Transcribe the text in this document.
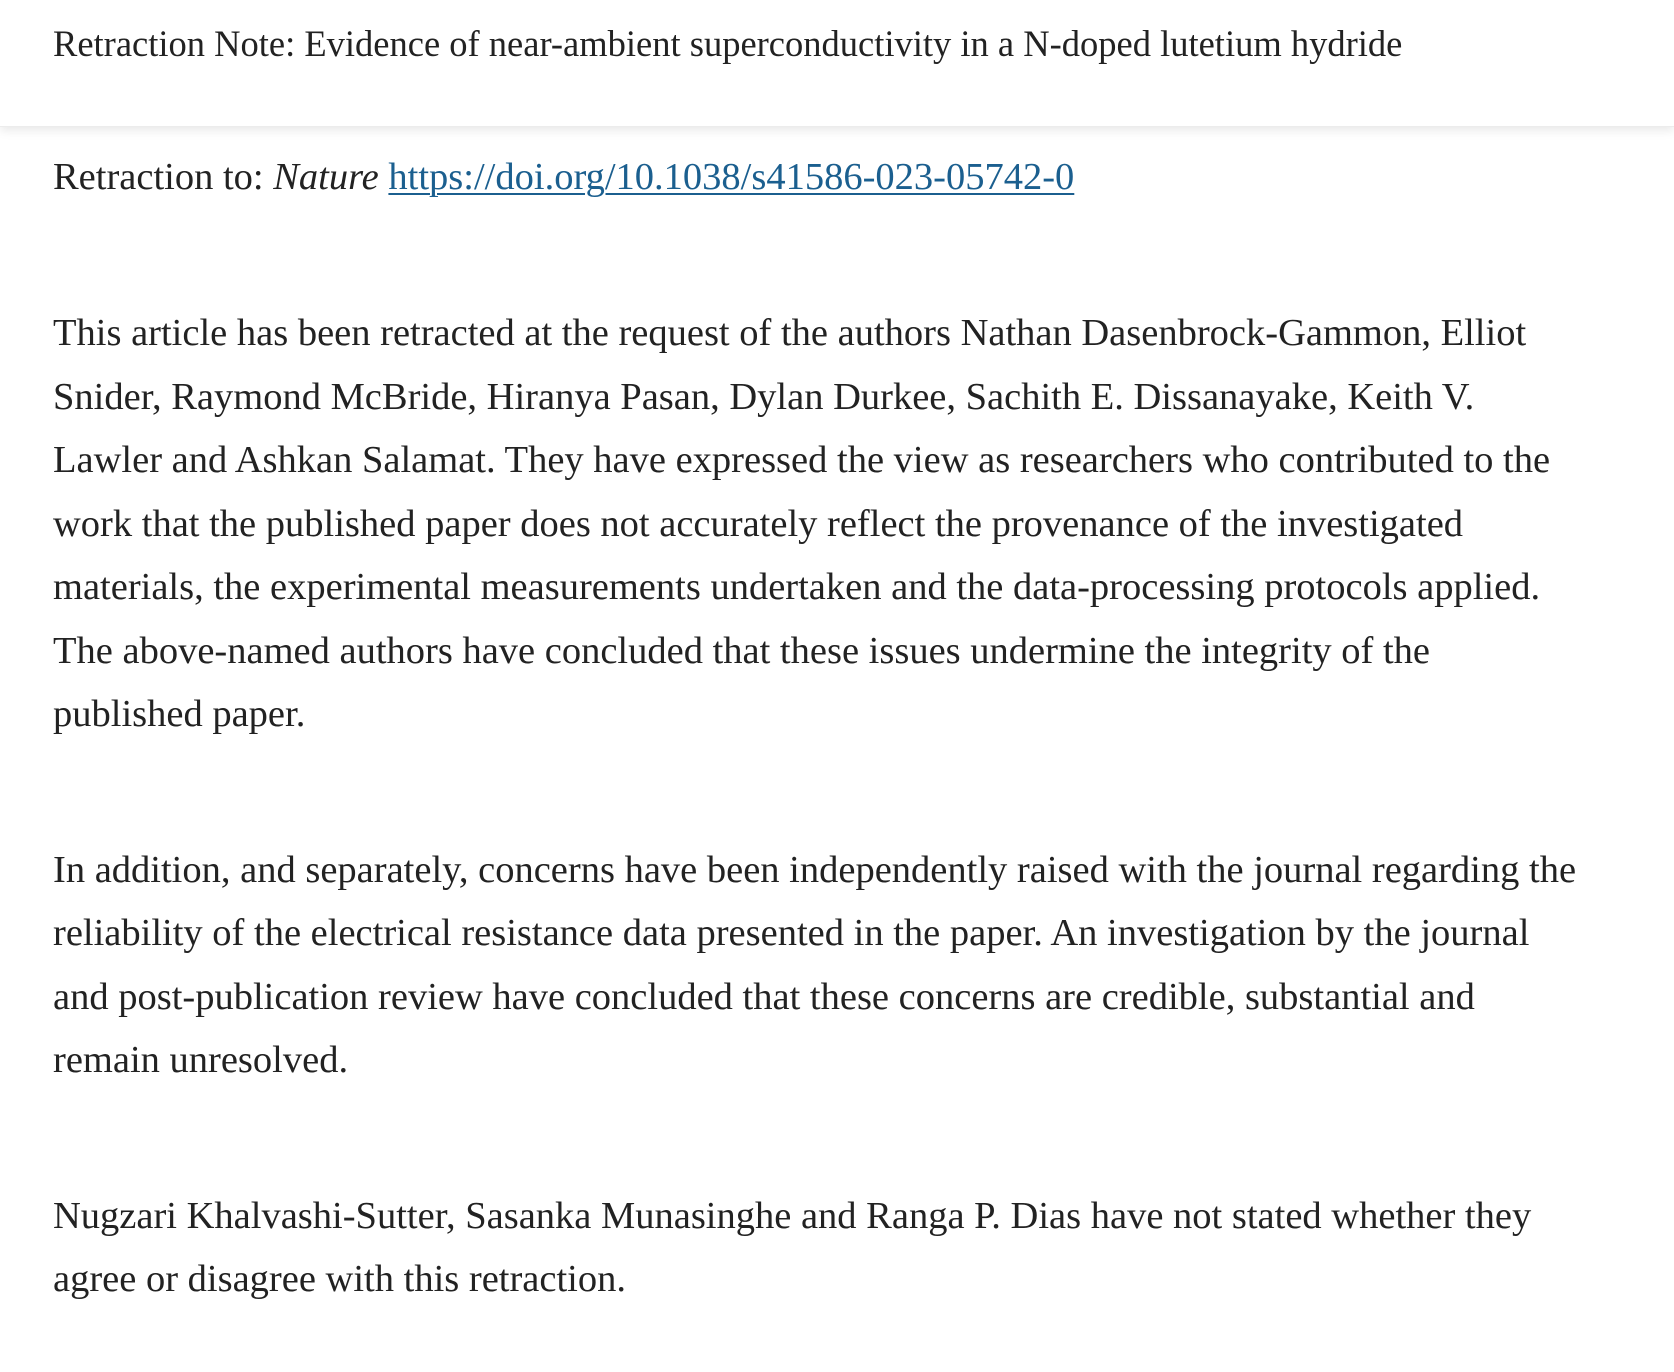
Retraction Note: Evidence of near-ambient superconductivity in a N-doped lutetium hydride

Retraction to: Nature https://doi.org/10.1038/s41586-023-05742-0

This article has been retracted at the request of the authors Nathan Dasenbrock-Gammon, Elliot Snider, Raymond McBride, Hiranya Pasan, Dylan Durkee, Sachith E. Dissanayake, Keith V. Lawler and Ashkan Salamat. They have expressed the view as researchers who contributed to the work that the published paper does not accurately reflect the provenance of the investigated materials, the experimental measurements undertaken and the data-processing protocols applied. The above-named authors have concluded that these issues undermine the integrity of the published paper.

In addition, and separately, concerns have been independently raised with the journal regarding the reliability of the electrical resistance data presented in the paper. An investigation by the journal and post-publication review have concluded that these concerns are credible, substantial and remain unresolved.

Nugzari Khalvashi-Sutter, Sasanka Munasinghe and Ranga P. Dias have not stated whether they agree or disagree with this retraction.
